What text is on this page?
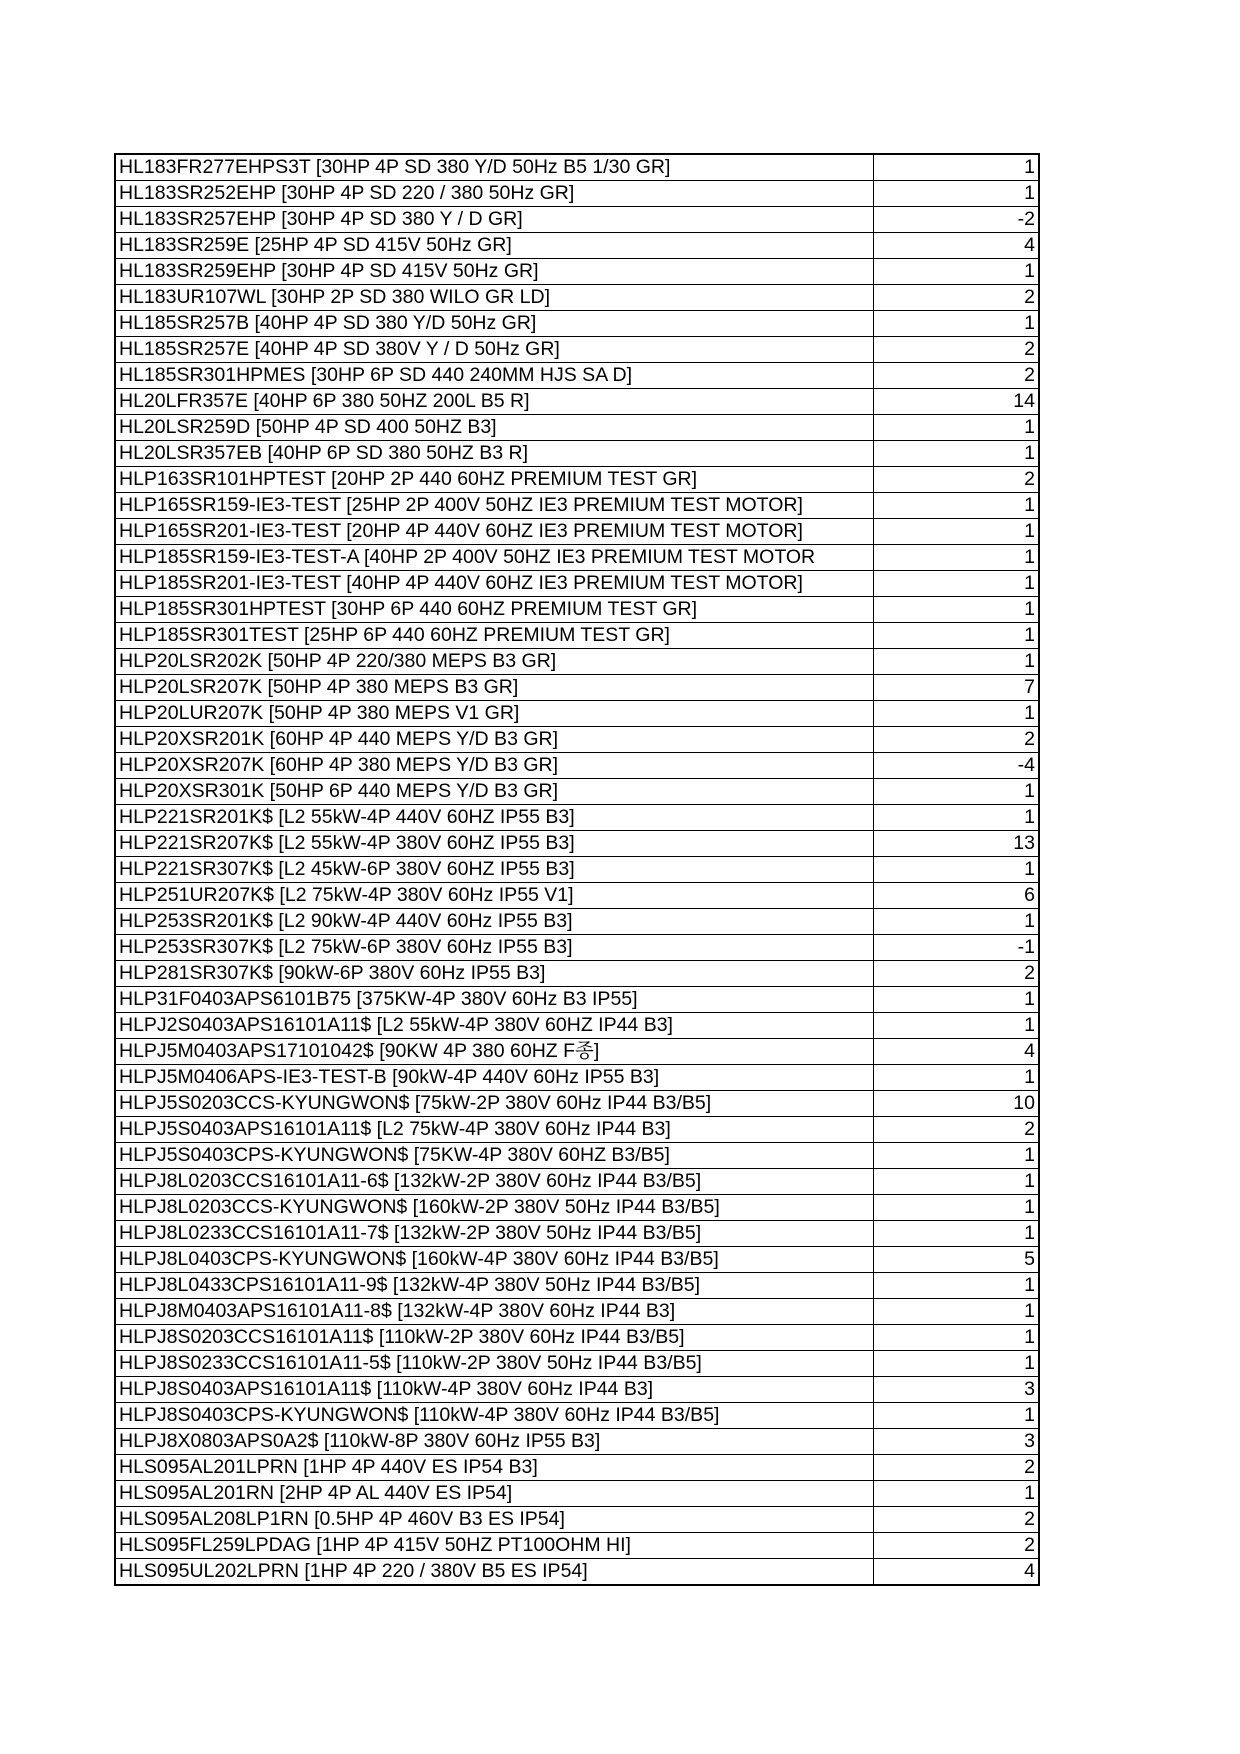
HL183FR277EHPS3T [30HP 4P SD 380 Y/D 50Hz B5 1/30 GR]	1
HL183SR252EHP [30HP 4P SD 220 / 380 50Hz GR]	1
HL183SR257EHP [30HP 4P SD 380 Y / D GR]	-2
HL183SR259E [25HP 4P SD 415V 50Hz GR]	4
HL183SR259EHP [30HP 4P SD 415V 50Hz GR]	1
HL183UR107WL [30HP 2P SD 380 WILO GR LD]	2
HL185SR257B [40HP 4P SD 380 Y/D 50Hz GR]	1
HL185SR257E [40HP 4P SD 380V Y / D 50Hz GR]	2
HL185SR301HPMES [30HP 6P SD 440 240MM HJS SA D]	2
HL20LFR357E [40HP 6P 380 50HZ 200L B5 R]	14
HL20LSR259D [50HP 4P SD 400 50HZ B3]	1
HL20LSR357EB [40HP 6P SD 380 50HZ B3 R]	1
HLP163SR101HPTEST [20HP 2P 440 60HZ PREMIUM TEST GR]	2
HLP165SR159-IE3-TEST [25HP 2P 400V 50HZ IE3 PREMIUM TEST MOTOR]	1
HLP165SR201-IE3-TEST [20HP 4P 440V 60HZ IE3 PREMIUM TEST MOTOR]	1
HLP185SR159-IE3-TEST-A [40HP 2P 400V 50HZ IE3 PREMIUM TEST MOTOR	1
HLP185SR201-IE3-TEST [40HP 4P 440V 60HZ IE3 PREMIUM TEST MOTOR]	1
HLP185SR301HPTEST [30HP 6P 440 60HZ PREMIUM TEST GR]	1
HLP185SR301TEST [25HP 6P 440 60HZ PREMIUM TEST GR]	1
HLP20LSR202K [50HP 4P 220/380 MEPS B3 GR]	1
HLP20LSR207K [50HP 4P 380 MEPS B3 GR]	7
HLP20LUR207K [50HP 4P 380 MEPS V1 GR]	1
HLP20XSR201K [60HP 4P 440 MEPS Y/D B3 GR]	2
HLP20XSR207K [60HP 4P 380 MEPS Y/D B3 GR]	-4
HLP20XSR301K [50HP 6P 440 MEPS Y/D B3 GR]	1
HLP221SR201K$ [L2 55kW-4P 440V 60HZ IP55 B3]	1
HLP221SR207K$ [L2 55kW-4P 380V 60HZ IP55 B3]	13
HLP221SR307K$ [L2 45kW-6P 380V 60HZ IP55 B3]	1
HLP251UR207K$ [L2 75kW-4P 380V 60Hz IP55 V1]	6
HLP253SR201K$ [L2 90kW-4P 440V 60Hz IP55 B3]	1
HLP253SR307K$ [L2 75kW-6P 380V 60Hz IP55 B3]	-1
HLP281SR307K$ [90kW-6P 380V 60Hz IP55 B3]	2
HLP31F0403APS6101B75 [375KW-4P 380V 60Hz B3 IP55]	1
HLPJ2S0403APS16101A11$ [L2 55kW-4P 380V 60HZ IP44 B3]	1
HLPJ5M0403APS17101042$ [90KW 4P 380 60HZ F종]	4
HLPJ5M0406APS-IE3-TEST-B [90kW-4P 440V 60Hz IP55 B3]	1
HLPJ5S0203CCS-KYUNGWON$ [75kW-2P 380V 60Hz IP44 B3/B5]	10
HLPJ5S0403APS16101A11$ [L2 75kW-4P 380V 60Hz IP44 B3]	2
HLPJ5S0403CPS-KYUNGWON$ [75KW-4P 380V 60HZ B3/B5]	1
HLPJ8L0203CCS16101A11-6$ [132kW-2P 380V 60Hz IP44 B3/B5]	1
HLPJ8L0203CCS-KYUNGWON$ [160kW-2P 380V 50Hz IP44 B3/B5]	1
HLPJ8L0233CCS16101A11-7$ [132kW-2P 380V 50Hz IP44 B3/B5]	1
HLPJ8L0403CPS-KYUNGWON$ [160kW-4P 380V 60Hz IP44 B3/B5]	5
HLPJ8L0433CPS16101A11-9$ [132kW-4P 380V 50Hz IP44 B3/B5]	1
HLPJ8M0403APS16101A11-8$ [132kW-4P 380V 60Hz IP44 B3]	1
HLPJ8S0203CCS16101A11$ [110kW-2P 380V 60Hz IP44 B3/B5]	1
HLPJ8S0233CCS16101A11-5$ [110kW-2P 380V 50Hz IP44 B3/B5]	1
HLPJ8S0403APS16101A11$ [110kW-4P 380V 60Hz IP44 B3]	3
HLPJ8S0403CPS-KYUNGWON$ [110kW-4P 380V 60Hz IP44 B3/B5]	1
HLPJ8X0803APS0A2$ [110kW-8P 380V 60Hz IP55 B3]	3
HLS095AL201LPRN [1HP 4P 440V ES IP54 B3]	2
HLS095AL201RN [2HP 4P AL 440V ES IP54]	1
HLS095AL208LP1RN [0.5HP 4P 460V B3 ES IP54]	2
HLS095FL259LPDAG [1HP 4P 415V 50HZ PT100OHM HI]	2
HLS095UL202LPRN [1HP 4P 220 / 380V B5 ES IP54]	4
